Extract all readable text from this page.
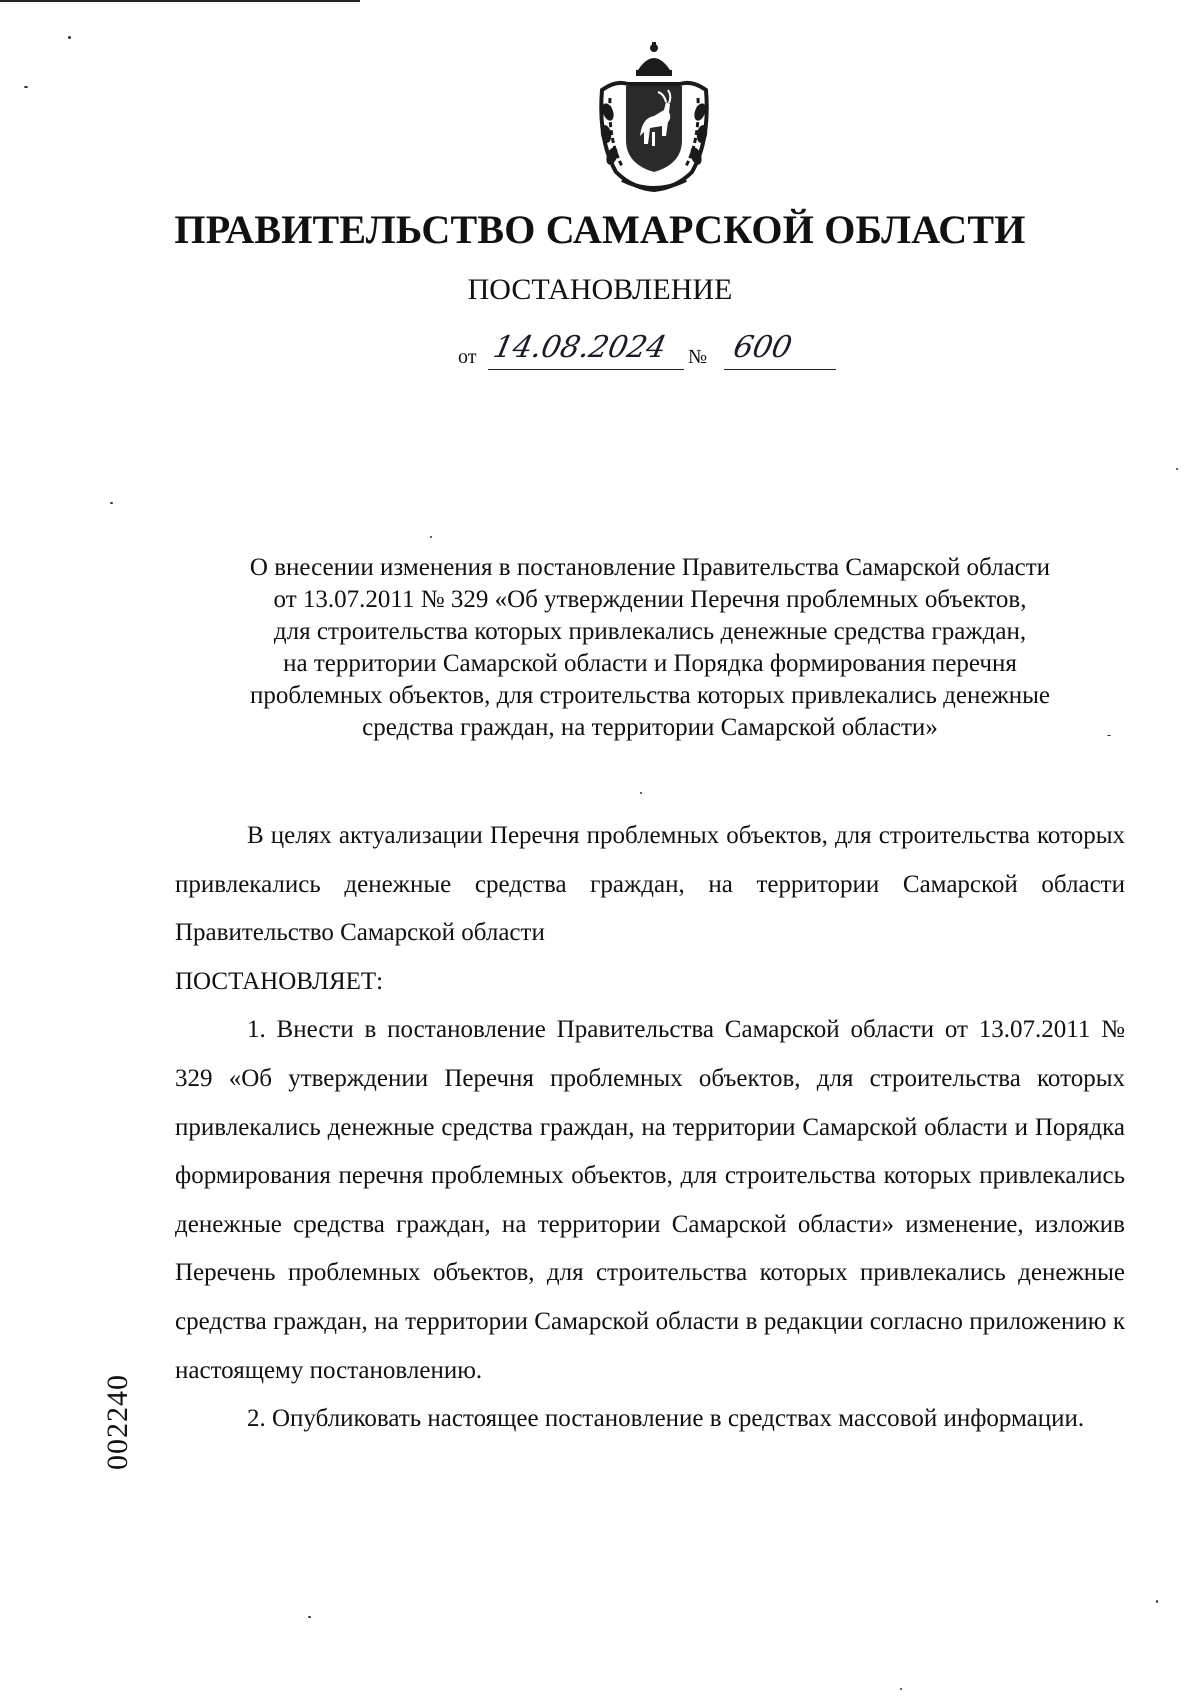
ПРАВИТЕЛЬСТВО САМАРСКОЙ ОБЛАСТИ
ПОСТАНОВЛЕНИЕ
от 14.08.2024 № 600
О внесении изменения в постановление Правительства Самарской области
от 13.07.2011 № 329 «Об утверждении Перечня проблемных объектов,
для строительства которых привлекались денежные средства граждан,
на территории Самарской области и Порядка формирования перечня
проблемных объектов, для строительства которых привлекались денежные
средства граждан, на территории Самарской области»

В целях актуализации Перечня проблемных объектов, для строительства которых привлекались денежные средства граждан, на территории Самарской области Правительство Самарской области

ПОСТАНОВЛЯЕТ:

1. Внести в постановление Правительства Самарской области от 13.07.2011 № 329 «Об утверждении Перечня проблемных объектов, для строительства которых привлекались денежные средства граждан, на территории Самарской области и Порядка формирования перечня проблемных объектов, для строительства которых привлекались денежные средства граждан, на территории Самарской области» изменение, изложив Перечень проблемных объектов, для строительства которых привлекались денежные средства граждан, на территории Самарской области в редакции согласно приложению к настоящему постановлению.

2. Опубликовать настоящее постановление в средствах массовой информации.

002240
